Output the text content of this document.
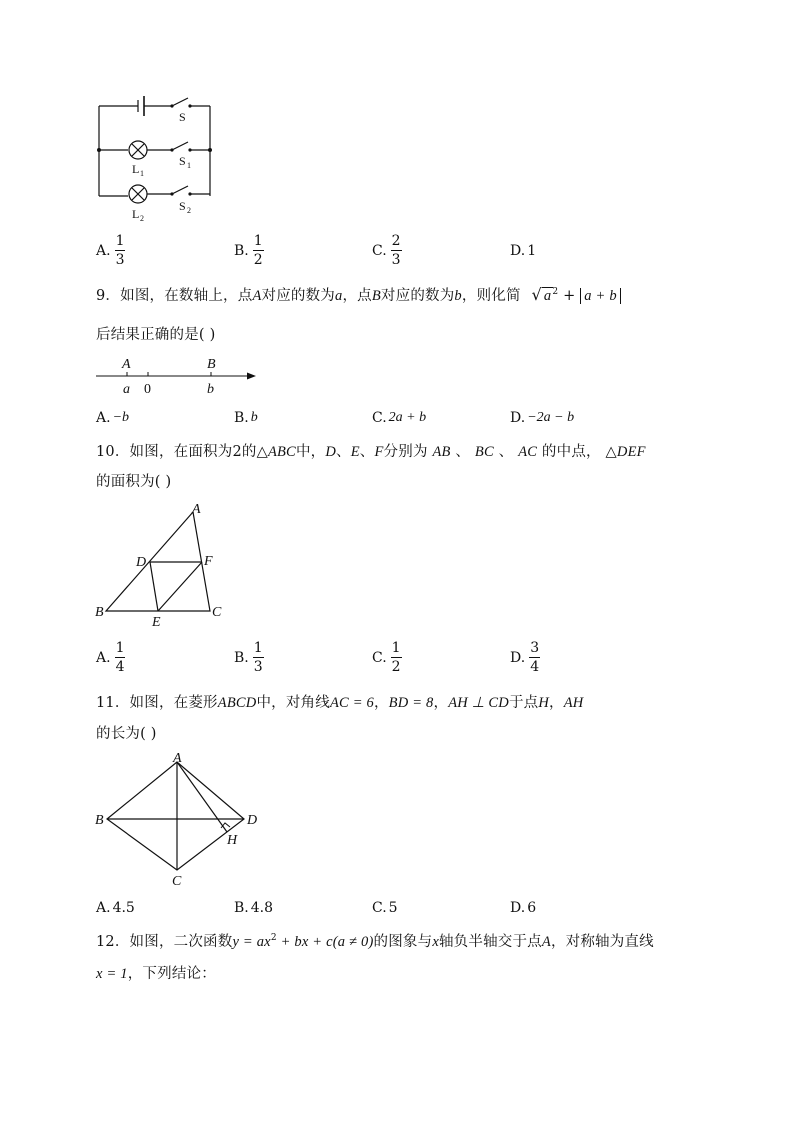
S
S 1
S 2
L 1
L 2
A. $\frac{1}{3}$	B. $\frac{1}{2}$	C. $\frac{2}{3}$	D. 1
9．如图，在数轴上，点A对应的数为a，点B对应的数为b，则化简 √ $a^2 + a + b$
后结果正确的是( )
A	B
a 0	b
A. −b	B. b	C. 2a + b	D. −2a − b
10．如图，在面积为2的△ABC中，D、E、F分别为 AB 、 BC 、 AC 的中点， △DEF
的面积为( )
A
B	C
D
E
F
A. $\frac{1}{4}$	B. $\frac{1}{3}$	C. $\frac{1}{2}$	D. $\frac{3}{4}$
11．如图，在菱形ABCD中，对角线AC = 6，BD = 8，AH ⊥ CD于点H，AH
的长为( )
A
B
C
D
H
A. 4.5	B. 4.8	C. 5	D. 6
12．如图，二次函数$y = ax^2$ + bx + c(a ≠ 0)的图象与x轴负半轴交于点A，对称轴为直线
x = 1，下列结论：
